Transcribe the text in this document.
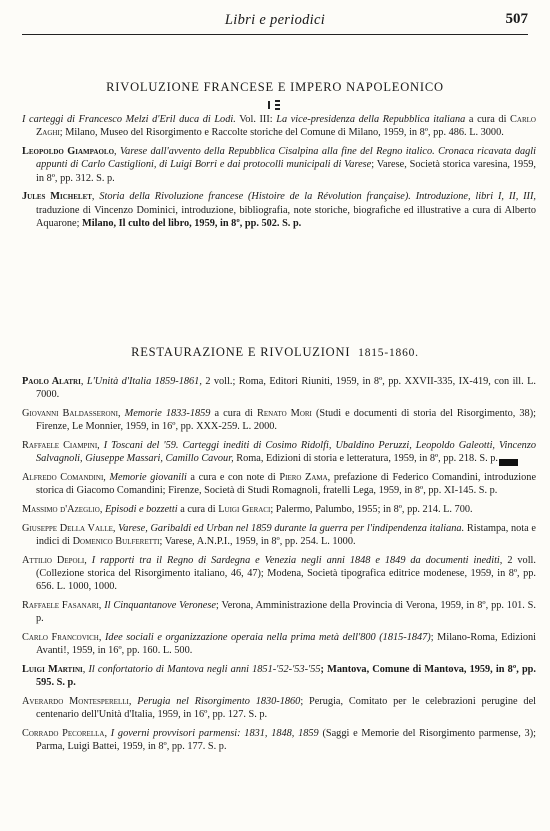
Libri e periodici	507
RIVOLUZIONE FRANCESE E IMPERO NAPOLEONICO

I carteggi di Francesco Melzi d'Eril duca di Lodi. Vol. III: La vice-presidenza della Repubblica italiana a cura di Carlo Zaghi; Milano, Museo del Risorgimento e Raccolte storiche del Comune di Milano, 1959, in 8º, pp. 486. L. 3000.

Leopoldo Giampaolo, Varese dall'avvento della Repubblica Cisalpina alla fine del Regno italico. Cronaca ricavata dagli appunti di Carlo Castiglioni, di Luigi Borri e dai protocolli municipali di Varese; Varese, Società storica varesina, 1959, in 8º, pp. 312. S. p.

Jules Michelet, Storia della Rivoluzione francese (Histoire de la Révolution française). Introduzione, libri I, II, III, traduzione di Vincenzo Dominici, introduzione, bibliografia, note storiche, biografiche ed illustrative a cura di Alberto Aquarone; Milano, Il culto del libro, 1959, in 8º, pp. 502. S. p.

RESTAURAZIONE E RIVOLUZIONI 1815-1860.

Paolo Alatri, L'Unità d'Italia 1859-1861, 2 voll.; Roma, Editori Riuniti, 1959, in 8º, pp. XXVII-335, IX-419, con ill. L. 7000.

Giovanni Baldasseroni, Memorie 1833-1859 a cura di Renato Mori (Studi e documenti di storia del Risorgimento, 38); Firenze, Le Monnier, 1959, in 16º, pp. XXX-259. L. 2000.

Raffaele Ciampini, I Toscani del '59. Carteggi inediti di Cosimo Ridolfi, Ubaldino Peruzzi, Leopoldo Galeotti, Vincenzo Salvagnoli, Giuseppe Massari, Camillo Cavour, Roma, Edizioni di storia e letteratura, 1959, in 8º, pp. 218. S. p.

Alfredo Comandini, Memorie giovanili a cura e con note di Piero Zama, prefazione di Federico Comandini, introduzione storica di Giacomo Comandini; Firenze, Società di Studi Romagnoli, fratelli Lega, 1959, in 8º, pp. XI-145. S. p.

Massimo d'Azeglio, Episodi e bozzetti a cura di Luigi Geraci; Palermo, Palumbo, 1955; in 8º, pp. 214. L. 700.

Giuseppe Della Valle, Varese, Garibaldi ed Urban nel 1859 durante la guerra per l'indipendenza italiana. Ristampa, nota e indici di Domenico Bulferetti; Varese, A.N.P.I., 1959, in 8º, pp. 254. L. 1000.

Attilio Depoli, I rapporti tra il Regno di Sardegna e Venezia negli anni 1848 e 1849 da documenti inediti, 2 voll. (Collezione storica del Risorgimento italiano, 46, 47); Modena, Società tipografica editrice modenese, 1959, in 8º, pp. 656. L. 1000, 1000.

Raffaele Fasanari, Il Cinquantanove Veronese; Verona, Amministrazione della Provincia di Verona, 1959, in 8º, pp. 101. S. p.

Carlo Francovich, Idee sociali e organizzazione operaia nella prima metà dell'800 (1815-1847); Milano-Roma, Edizioni Avanti!, 1959, in 16º, pp. 160. L. 500.

Luigi Martini, Il confortatorio di Mantova negli anni 1851-'52-'53-'55; Mantova, Comune di Mantova, 1959, in 8º, pp. 595. S. p.

Averardo Montesperelli, Perugia nel Risorgimento 1830-1860; Perugia, Comitato per le celebrazioni perugine del centenario dell'Unità d'Italia, 1959, in 16º, pp. 127. S. p.

Corrado Pecorella, I governi provvisori parmensi: 1831, 1848, 1859 (Saggi e Memorie del Risorgimento parmense, 3); Parma, Luigi Battei, 1959, in 8º, pp. 177. S. p.
